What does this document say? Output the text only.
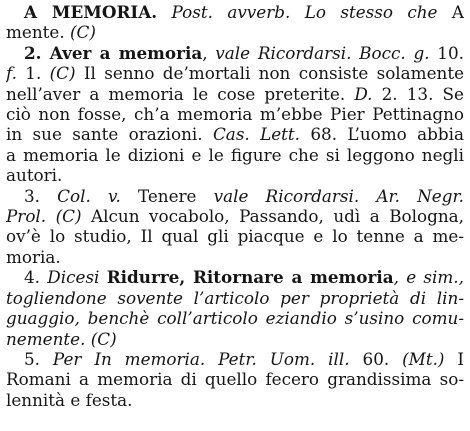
A MEMORIA. Post. avverb. Lo stesso che A
mente. (C)
2. Aver a memoria, vale Ricordarsi. Bocc. g. 10.
f. 1. (C) Il senno de’mortali non consiste solamente
nell’aver a memoria le cose preterite. D. 2. 13. Se
ciò non fosse, ch’a memoria m’ebbe Pier Pettinagno
in sue sante orazioni. Cas. Lett. 68. L’uomo abbia
a memoria le dizioni e le figure che si leggono negli
autori.
3. Col. v. Tenere vale Ricordarsi. Ar. Negr.
Prol. (C) Alcun vocabolo, Passando, udì a Bologna,
ov’è lo studio, Il qual gli piacque e lo tenne a me-
moria.
4. Dicesi Ridurre, Ritornare a memoria, e sim.,
togliendone sovente l’articolo per proprietà di lin-
guaggio, benchè coll’articolo eziandio s’usino comu-
nemente. (C)
5. Per In memoria. Petr. Uom. ill. 60. (Mt.) I
Romani a memoria di quello fecero grandissima so-
lennità e festa.
